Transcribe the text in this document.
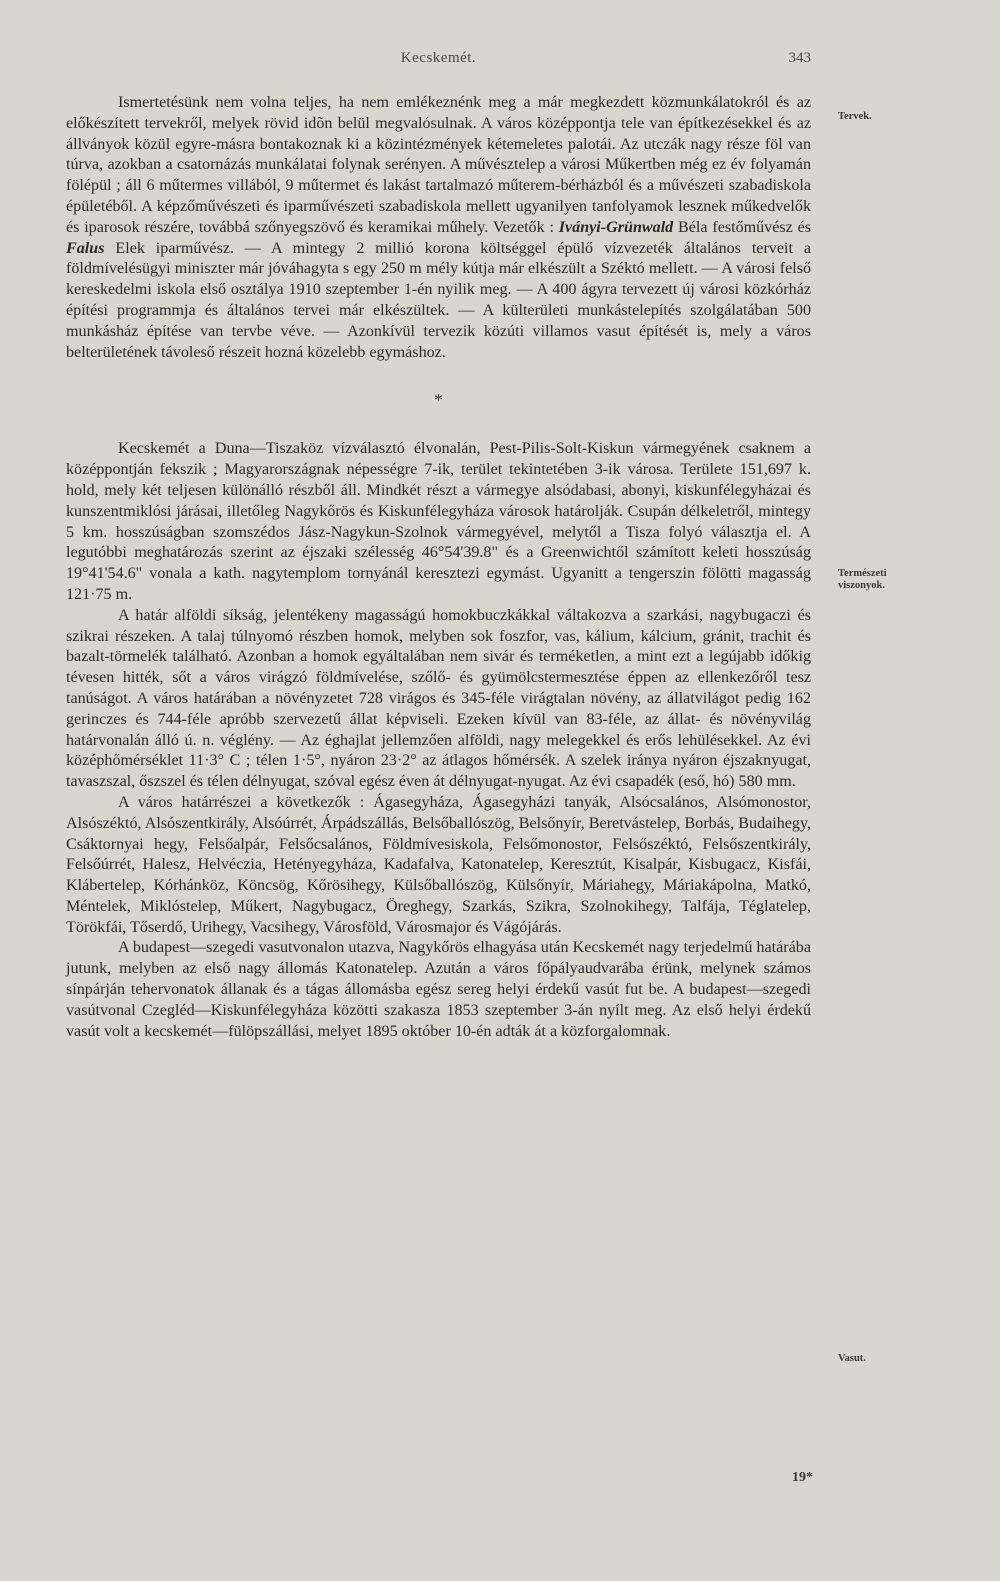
Kecskemét.	343
Tervek.
Természeti viszonyok.
Vasut.

Ismertetésünk nem volna teljes, ha nem emlékeznénk meg a már megkezdett közmunkálatokról és az előkészített tervekről, melyek rövid idõn belül megvalósulnak. A város középpontja tele van építkezésekkel és az állványok közül egyre-másra bontakoznak ki a közintézmények kétemeletes palotái. Az utczák nagy része föl van túrva, azokban a csatornázás munkálatai folynak serényen. A művésztelep a városi Műkertben még ez év folyamán fölépül ; áll 6 műtermes villából, 9 műtermet és lakást tartalmazó műterem-bérházból és a művészeti szabadiskola épületéből. A képzőművészeti és iparművészeti szabadiskola mellett ugyanilyen tanfolyamok lesznek műkedvelők és iparosok részére, továbbá szőnyegszövő és keramikai műhely. Vezetők : Iványi-Grünwald Béla festőművész és Falus Elek iparművész. — A mintegy 2 millió korona költséggel épülő vízvezeték általános terveit a földmívelésügyi miniszter már jóváhagyta s egy 250 m mély kútja már elkészült a Széktó mellett. — A városi felső kereskedelmi iskola első osztálya 1910 szeptember 1-én nyilik meg. — A 400 ágyra tervezett új városi közkórház építési programmja és általános tervei már elkészültek. — A külterületi munkástelepítés szolgálatában 500 munkásház építése van tervbe véve. — Azonkívül tervezik közúti villamos vasut építését is, mely a város belterületének távoleső részeit hozná közelebb egymáshoz.

*

Kecskemét a Duna—Tiszaköz vízválasztó élvonalán, Pest-Pilis-Solt-Kiskun vármegyének csaknem a középpontján fekszik ; Magyarországnak népességre 7-ik, terület tekintetében 3-ik városa. Területe 151,697 k. hold, mely két teljesen különálló részből áll. Mindkét részt a vármegye alsódabasi, abonyi, kiskunfélegyházai és kunszentmiklósi járásai, illetőleg Nagykőrös és Kiskunfélegyháza városok határolják. Csupán délkeletről, mintegy 5 km. hosszúságban szomszédos Jász-Nagykun-Szolnok vármegyével, melytől a Tisza folyó választja el. A legutóbbi meghatározás szerint az éjszaki szélesség 46°54'39.8" és a Greenwichtől számított keleti hosszúság 19°41'54.6" vonala a kath. nagytemplom tornyánál keresztezi egymást. Ugyanitt a tengerszin fölötti magasság 121·75 m.

A határ alföldi síkság, jelentékeny magasságú homokbuczkákkal váltakozva a szarkási, nagybugaczi és szikrai részeken. A talaj túlnyomó részben homok, melyben sok foszfor, vas, kálium, kálcium, gránit, trachit és bazalt-törmelék található. Azonban a homok egyáltalában nem sivár és terméketlen, a mint ezt a legújabb időkig tévesen hitték, sőt a város virágzó földmívelése, szőlő- és gyümölcstermesztése éppen az ellenkezőről tesz tanúságot. A város határában a növényzetet 728 virágos és 345-féle virágtalan növény, az állatvilágot pedig 162 gerinczes és 744-féle apróbb szervezetű állat képviseli. Ezeken kívül van 83-féle, az állat- és növényvilág határvonalán álló ú. n. véglény. — Az éghajlat jellemzően alföldi, nagy melegekkel és erős lehülésekkel. Az évi középhőmérséklet 11·3° C ; télen 1·5°, nyáron 23·2° az átlagos hőmérsék. A szelek iránya nyáron éjszaknyugat, tavaszszal, őszszel és télen délnyugat, szóval egész éven át délnyugat-nyugat. Az évi csapadék (eső, hó) 580 mm.

A város határrészei a következők : Ágasegyháza, Ágasegyházi tanyák, Alsócsalános, Alsómonostor, Alsószéktó, Alsószentkirály, Alsóúrrét, Árpádszállás, Belsőballószög, Belsőnyír, Beretvástelep, Borbás, Budaihegy, Csáktornyai hegy, Felsőalpár, Felsőcsalános, Földmívesiskola, Felsőmonostor, Felsőszéktó, Felsőszentkirály, Felsőúrrét, Halesz, Helvéczia, Hetényegyháza, Kadafalva, Katonatelep, Keresztút, Kisalpár, Kisbugacz, Kisfái, Klábertelep, Kórhánköz, Köncsög, Kőrösihegy, Külsőballószög, Külsőnyír, Máriahegy, Máriakápolna, Matkó, Méntelek, Miklóstelep, Műkert, Nagybugacz, Öreghegy, Szarkás, Szikra, Szolnokihegy, Talfája, Téglatelep, Törökfái, Tőserdő, Urihegy, Vacsihegy, Városföld, Városmajor és Vágójárás.

A budapest—szegedi vasutvonalon utazva, Nagykőrös elhagyása után Kecskemét nagy terjedelmű határába jutunk, melyben az első nagy állomás Katonatelep. Azután a város főpályaudvarába érünk, melynek számos sínpárján tehervonatok állanak és a tágas állomásba egész sereg helyi érdekű vasút fut be. A budapest—szegedi vasútvonal Czegléd—Kiskunfélegyháza közötti szakasza 1853 szeptember 3-án nyílt meg. Az első helyi érdekű vasút volt a kecskemét—fülöpszállási, melyet 1895 október 10-én adták át a közforgalomnak.

19*
